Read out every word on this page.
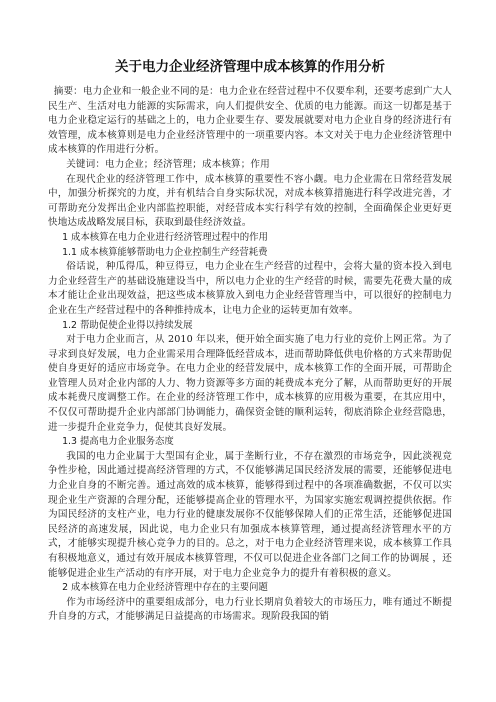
关于电力企业经济管理中成本核算的作用分析

摘要：电力企业和一般企业不同的是：电力企业在经营过程中不仅要牟利，还要考虑到广大人民生产、生活对电力能源的实际需求，向人们提供安全、优质的电力能源。而这一切都是基于电力企业稳定运行的基础之上的，电力企业要生存、要发展就要对电力企业自身的经济进行有效管理，成本核算则是电力企业经济管理中的一项重要内容。本文对关于电力企业经济管理中成本核算的作用进行分析。

关键词：电力企业；经济管理；成本核算；作用

在现代企业的经济管理工作中，成本核算的重要性不容小觑。电力企业需在日常经营发展中，加强分析探究的力度，并有机结合自身实际状况，对成本核算措施进行科学改进完善，才可帮助充分发挥出企业内部监控职能，对经营成本实行科学有效的控制，全面确保企业更好更快地达成战略发展目标，获取到最佳经济效益。

1 成本核算在电力企业进行经济管理过程中的作用

1.1 成本核算能够帮助电力企业控制生产经营耗费

俗话说，种瓜得瓜，种豆得豆，电力企业在生产经营的过程中，会将大量的资本投入到电力企业经营生产的基础设施建设当中，所以电力企业的生产经营的时候，需要先花费大量的成本才能让企业出现效益，把这些成本核算放入到电力企业经营管理当中，可以很好的控制电力企业在生产经营过程中的各种推持成本，让电力企业的运转更加有效率。

1.2 帮助促使企业得以持续发展

对于电力企业而言，从 2010 年以来，便开始全面实施了电力行业的竞价上网正常。为了寻求到良好发展，电力企业需采用合理降低经营成本，进而帮助降低供电价格的方式来帮助促使自身更好的适应市场竞争。在电力企业的经营发展中，成本核算工作的全面开展，可帮助企业管理人员对企业内部的人力、物力资源等多方面的耗费成本充分了解，从而帮助更好的开展成本耗费尺度调整工作。在企业的经济管理工作中，成本核算的应用极为重要，在其应用中，不仅仅可帮助提升企业内部部门协调能力，确保资金链的顺利运转，彻底消除企业经营隐患，进一步提升企业竞争力，促使其良好发展。

1.3 提高电力企业服务态度

我国的电力企业属于大型国有企业，属于垄断行业，不存在激烈的市场竞争，因此淡视竞争性步枪，因此通过提高经济管理的方式，不仅能够满足国民经济发展的需要，还能够促进电力企业自身的不断完善。通过高效的成本核算，能够得到过程中的各项准确数据，不仅可以实现企业生产资源的合理分配，还能够提高企业的管理水平，为国家实施宏观调控提供依据。作为国民经济的支柱产业，电力行业的健康发展你不仅能够保障人们的正常生活，还能够促进国民经济的高速发展，因此说，电力企业只有加强成本核算管理，通过提高经济管理水平的方式，才能够实现提升核心竞争力的目的。总之，对于电力企业经济管理来说，成本核算工作具有积极地意义，通过有效开展成本核算管理，不仅可以促进企业各部门之间工作的协调展 ，还能够促进企业生产活动的有序开展，对于电力企业竞争力的提升有着积极的意义。

2 成本核算在电力企业经济管理中存在的主要问题

作为市场经济中的重要组成部分，电力行业长期肩负着较大的市场压力，唯有通过不断提升自身的方式，才能够满足日益提高的市场需求。现阶段我国的销
